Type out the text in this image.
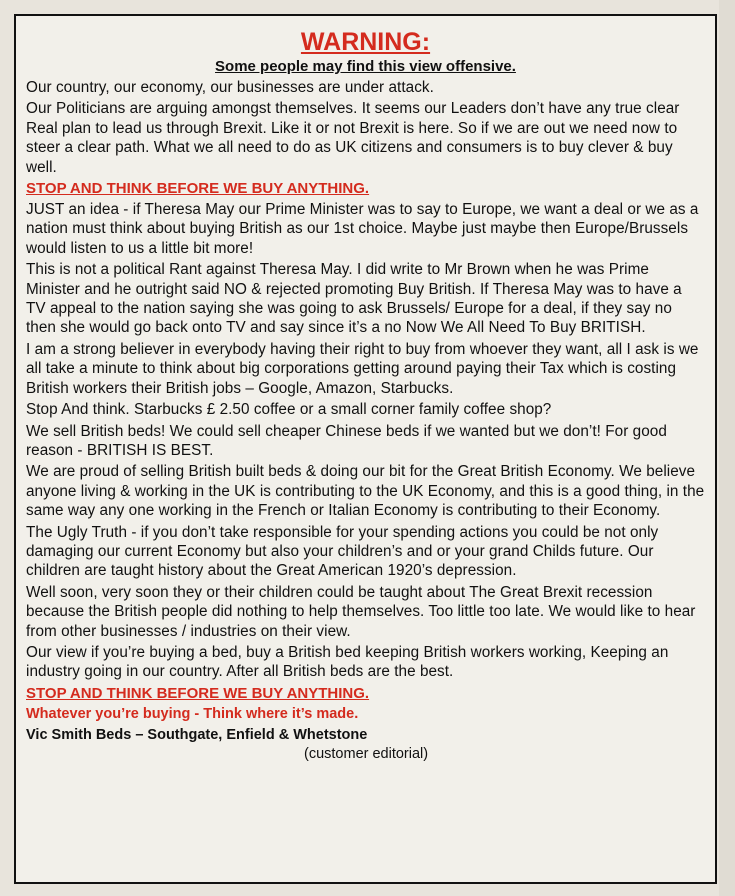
WARNING:
Some people may find this view offensive.

Our country, our economy, our businesses are under attack.

Our Politicians are arguing amongst themselves. It seems our Leaders don’t have any true clear Real plan to lead us through Brexit. Like it or not Brexit is here. So if we are out we need now to steer a clear path. What we all need to do as UK citizens and consumers is to buy clever & buy well.

STOP AND THINK BEFORE WE BUY ANYTHING.

JUST an idea - if Theresa May our Prime Minister was to say to Europe, we want a deal or we as a nation must think about buying British as our 1st choice. Maybe just maybe then Europe/Brussels would listen to us a little bit more!

This is not a political Rant against Theresa May. I did write to Mr Brown when he was Prime Minister and he outright said NO & rejected promoting Buy British. If Theresa May was to have a TV appeal to the nation saying she was going to ask Brussels/ Europe for a deal, if they say no then she would go back onto TV and say since it’s a no Now We All Need To Buy BRITISH.

I am a strong believer in everybody having their right to buy from whoever they want, all I ask is we all take a minute to think about big corporations getting around paying their Tax which is costing British workers their British jobs – Google, Amazon, Starbucks.

Stop And think. Starbucks £ 2.50 coffee or a small corner family coffee shop?

We sell British beds! We could sell cheaper Chinese beds if we wanted but we don’t! For good reason - BRITISH IS BEST.

We are proud of selling British built beds & doing our bit for the Great British Economy. We believe anyone living & working in the UK is contributing to the UK Economy, and this is a good thing, in the same way any one working in the French or Italian Economy is contributing to their Economy.

The Ugly Truth - if you don’t take responsible for your spending actions you could be not only damaging our current Economy but also your children’s and or your grand Childs future. Our children are taught history about the Great American 1920’s depression.

Well soon, very soon they or their children could be taught about The Great Brexit recession because the British people did nothing to help themselves. Too little too late. We would like to hear from other businesses / industries on their view.

Our view if you’re buying a bed, buy a British bed keeping British workers working, Keeping an industry going in our country. After all British beds are the best.

STOP AND THINK BEFORE WE BUY ANYTHING.
Whatever you’re buying - Think where it’s made.
Vic Smith Beds – Southgate, Enfield & Whetstone
(customer editorial)
